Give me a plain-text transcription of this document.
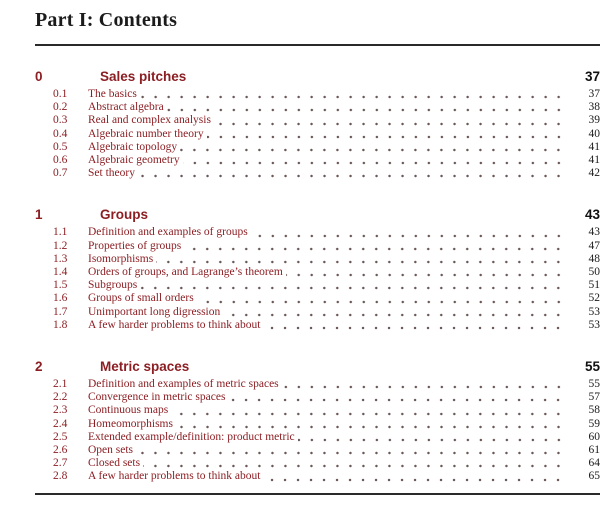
Part I: Contents
0	Sales pitches	37
0.1	The basics	37
0.2	Abstract algebra	38
0.3	Real and complex analysis	39
0.4	Algebraic number theory	40
0.5	Algebraic topology	41
0.6	Algebraic geometry	41
0.7	Set theory	42
1	Groups	43
1.1	Definition and examples of groups	43
1.2	Properties of groups	47
1.3	Isomorphisms	48
1.4	Orders of groups, and Lagrange’s theorem	50
1.5	Subgroups	51
1.6	Groups of small orders	52
1.7	Unimportant long digression	53
1.8	A few harder problems to think about	53
2	Metric spaces	55
2.1	Definition and examples of metric spaces	55
2.2	Convergence in metric spaces	57
2.3	Continuous maps	58
2.4	Homeomorphisms	59
2.5	Extended example/definition: product metric	60
2.6	Open sets	61
2.7	Closed sets	64
2.8	A few harder problems to think about	65
